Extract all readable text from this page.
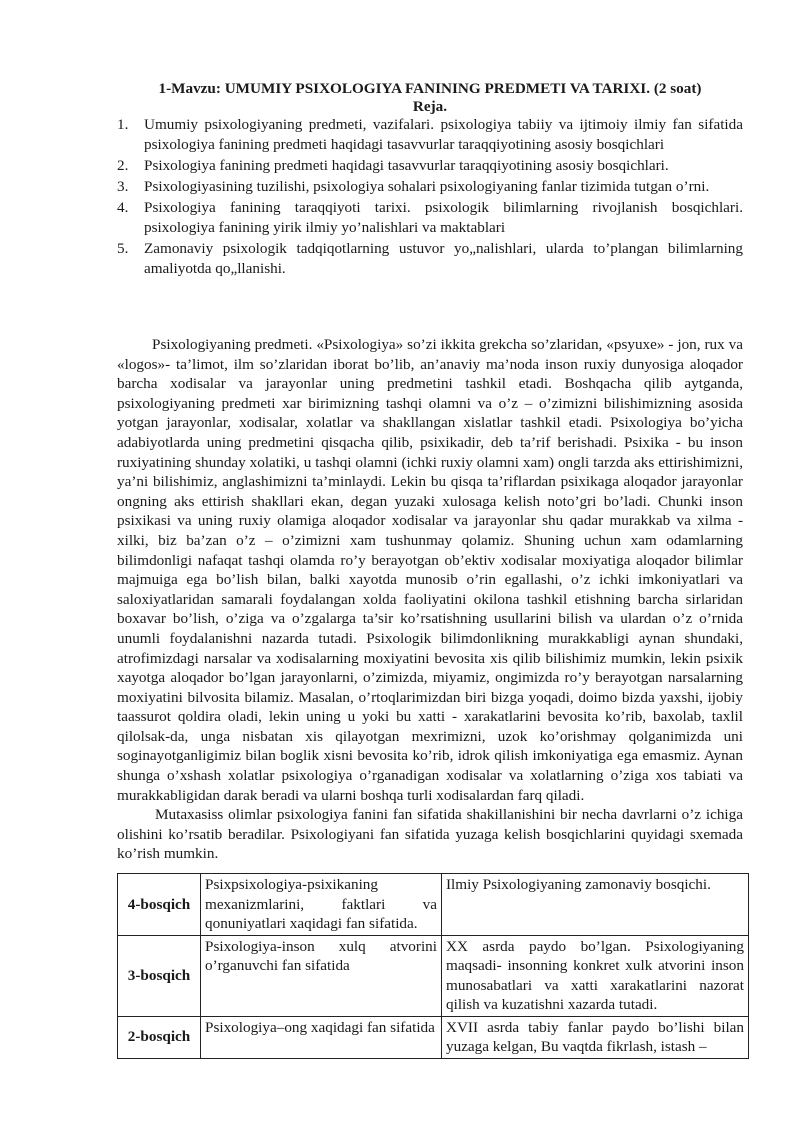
1-Mavzu: UMUMIY PSIXOLOGIYA FANINING PREDMETI VA TARIXI. (2 soat)
Reja.
1. Umumiy psixologiyaning predmeti, vazifalari. psixologiya tabiiy va ijtimoiy ilmiy fan sifatida psixologiya fanining predmeti haqidagi tasavvurlar taraqqiyotining asosiy bosqichlari
2. Psixologiya fanining predmeti haqidagi tasavvurlar taraqqiyotining asosiy bosqichlari.
3. Psixologiyasining tuzilishi, psixologiya sohalari psixologiyaning fanlar tizimida tutgan o’rni.
4. Psixologiya fanining taraqqiyoti tarixi. psixologik bilimlarning rivojlanish bosqichlari. psixologiya fanining yirik ilmiy yo’nalishlari va maktablari
5. Zamonaviy psixologik tadqiqotlarning ustuvor yo„nalishlari, ularda to’plangan bilimlarning amaliyotda qo„llanishi.

Psixologiyaning predmeti. «Psixologiya» so’zi ikkita grekcha so’zlaridan, «psyuxe» - jon, rux va «logos»- ta’limot, ilm so’zlaridan iborat bo’lib, an’anaviy ma’noda inson ruxiy dunyosiga aloqador barcha xodisalar va jarayonlar uning predmetini tashkil etadi. Boshqacha qilib aytganda, psixologiyaning predmeti xar birimizning tashqi olamni va o’z – o’zimizni bilishimizning asosida yotgan jarayonlar, xodisalar, xolatlar va shakllangan xislatlar tashkil etadi. Psixologiya bo’yicha adabiyotlarda uning predmetini qisqacha qilib, psixikadir, deb ta’rif berishadi. Psixika - bu inson ruxiyatining shunday xolatiki, u tashqi olamni (ichki ruxiy olamni xam) ongli tarzda aks ettirishimizni, ya’ni bilishimiz, anglashimizni ta’minlaydi. Lekin bu qisqa ta’riflardan psixikaga aloqador jarayonlar ongning aks ettirish shakllari ekan, degan yuzaki xulosaga kelish noto’gri bo’ladi. Chunki inson psixikasi va uning ruxiy olamiga aloqador xodisalar va jarayonlar shu qadar murakkab va xilma - xilki, biz ba’zan o’z – o’zimizni xam tushunmay qolamiz. Shuning uchun xam odamlarning bilimdonligi nafaqat tashqi olamda ro’y berayotgan ob’ektiv xodisalar moxiyatiga aloqador bilimlar majmuiga ega bo’lish bilan, balki xayotda munosib o’rin egallashi, o’z ichki imkoniyatlari va saloxiyatlaridan samarali foydalangan xolda faoliyatini okilona tashkil etishning barcha sirlaridan boxavar bo’lish, o’ziga va o’zgalarga ta’sir ko’rsatishning usullarini bilish va ulardan o’z o’rnida unumli foydalanishni nazarda tutadi. Psixologik bilimdonlikning murakkabligi aynan shundaki, atrofimizdagi narsalar va xodisalarning moxiyatini bevosita xis qilib bilishimiz mumkin, lekin psixik xayotga aloqador bo’lgan jarayonlarni, o’zimizda, miyamiz, ongimizda ro’y berayotgan narsalarning moxiyatini bilvosita bilamiz. Masalan, o’rtoqlarimizdan biri bizga yoqadi, doimo bizda yaxshi, ijobiy taassurot qoldira oladi, lekin uning u yoki bu xatti - xarakatlarini bevosita ko’rib, baxolab, taxlil qilolsak-da, unga nisbatan xis qilayotgan mexrimizni, uzok ko’orishmay qolganimizda uni soginayotganligimiz bilan boglik xisni bevosita ko’rib, idrok qilish imkoniyatiga ega emasmiz. Aynan shunga o’xshash xolatlar psixologiya o’rganadigan xodisalar va xolatlarning o’ziga xos tabiati va murakkabligidan darak beradi va ularni boshqa turli xodisalardan farq qiladi.

Mutaxasiss olimlar psixologiya fanini fan sifatida shakillanishini bir necha davrlarni o’z ichiga olishini ko’rsatib beradilar. Psixologiyani fan sifatida yuzaga kelish bosqichlarini quyidagi sxemada ko’rish mumkin.

4-bosqich	Psixpsixologiya-psixikaning mexanizmlarini, faktlari va qonuniyatlari xaqidagi fan sifatida.	Ilmiy Psixologiyaning zamonaviy bosqichi.
3-bosqich	Psixologiya-inson xulq atvorini o’rganuvchi fan sifatida	XX asrda paydo bo’lgan. Psixologiyaning maqsadi- insonning konkret xulk atvorini inson munosabatlari va xatti xarakatlarini nazorat qilish va kuzatishni xazarda tutadi.
2-bosqich	Psixologiya–ong xaqidagi fan sifatida	XVII asrda tabiy fanlar paydo bo’lishi bilan yuzaga kelgan, Bu vaqtda fikrlash, istash –
